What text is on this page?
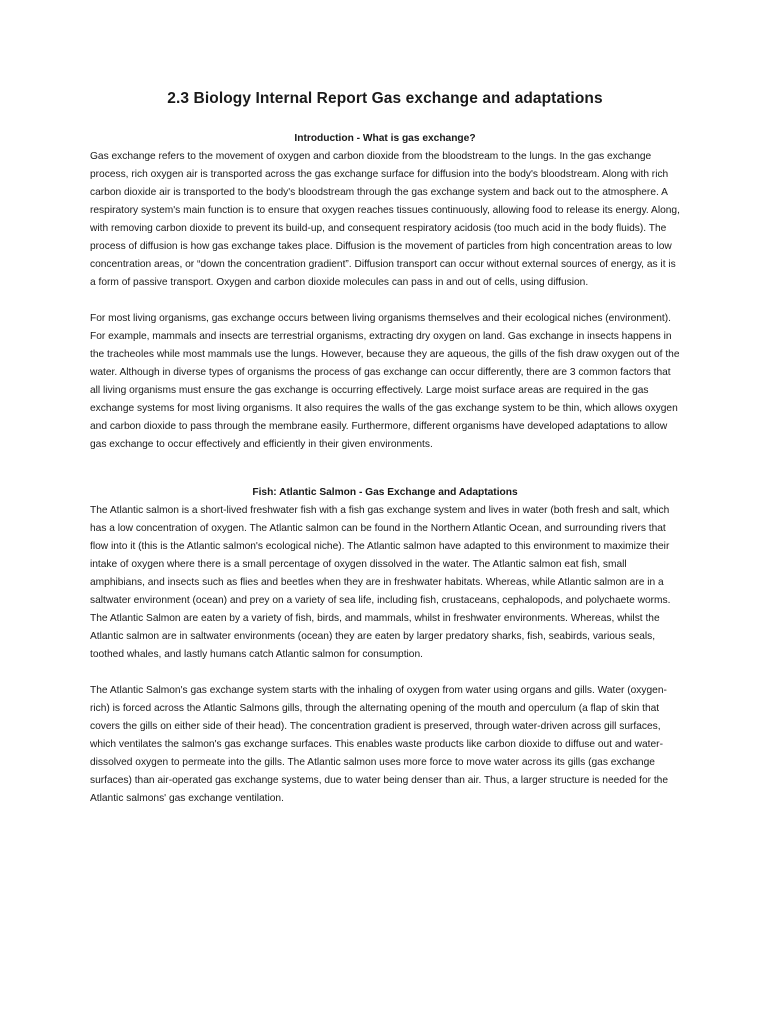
2.3 Biology Internal Report Gas exchange and adaptations
Introduction - What is gas exchange?

Gas exchange refers to the movement of oxygen and carbon dioxide from the bloodstream to the lungs. In the gas exchange process, rich oxygen air is transported across the gas exchange surface for diffusion into the body's bloodstream. Along with rich carbon dioxide air is transported to the body's bloodstream through the gas exchange system and back out to the atmosphere. A respiratory system's main function is to ensure that oxygen reaches tissues continuously, allowing food to release its energy. Along, with removing carbon dioxide to prevent its build-up, and consequent respiratory acidosis (too much acid in the body fluids). The process of diffusion is how gas exchange takes place. Diffusion is the movement of particles from high concentration areas to low concentration areas, or “down the concentration gradient”. Diffusion transport can occur without external sources of energy, as it is a form of passive transport. Oxygen and carbon dioxide molecules can pass in and out of cells, using diffusion.

For most living organisms, gas exchange occurs between living organisms themselves and their ecological niches (environment). For example, mammals and insects are terrestrial organisms, extracting dry oxygen on land. Gas exchange in insects happens in the tracheoles while most mammals use the lungs. However, because they are aqueous, the gills of the fish draw oxygen out of the water. Although in diverse types of organisms the process of gas exchange can occur differently, there are 3 common factors that all living organisms must ensure the gas exchange is occurring effectively. Large moist surface areas are required in the gas exchange systems for most living organisms. It also requires the walls of the gas exchange system to be thin, which allows oxygen and carbon dioxide to pass through the membrane easily. Furthermore, different organisms have developed adaptations to allow gas exchange to occur effectively and efficiently in their given environments.

Fish: Atlantic Salmon - Gas Exchange and Adaptations

The Atlantic salmon is a short-lived freshwater fish with a fish gas exchange system and lives in water (both fresh and salt, which has a low concentration of oxygen. The Atlantic salmon can be found in the Northern Atlantic Ocean, and surrounding rivers that flow into it (this is the Atlantic salmon's ecological niche). The Atlantic salmon have adapted to this environment to maximize their intake of oxygen where there is a small percentage of oxygen dissolved in the water. The Atlantic salmon eat fish, small amphibians, and insects such as flies and beetles when they are in freshwater habitats. Whereas, while Atlantic salmon are in a saltwater environment (ocean) and prey on a variety of sea life, including fish, crustaceans, cephalopods, and polychaete worms. The Atlantic Salmon are eaten by a variety of fish, birds, and mammals, whilst in freshwater environments. Whereas, whilst the Atlantic salmon are in saltwater environments (ocean) they are eaten by larger predatory sharks, fish, seabirds, various seals, toothed whales, and lastly humans catch Atlantic salmon for consumption.

The Atlantic Salmon's gas exchange system starts with the inhaling of oxygen from water using organs and gills. Water (oxygen-rich) is forced across the Atlantic Salmons gills, through the alternating opening of the mouth and operculum (a flap of skin that covers the gills on either side of their head). The concentration gradient is preserved, through water-driven across gill surfaces, which ventilates the salmon's gas exchange surfaces. This enables waste products like carbon dioxide to diffuse out and water-dissolved oxygen to permeate into the gills. The Atlantic salmon uses more force to move water across its gills (gas exchange surfaces) than air-operated gas exchange systems, due to water being denser than air. Thus, a larger structure is needed for the Atlantic salmons' gas exchange ventilation.
